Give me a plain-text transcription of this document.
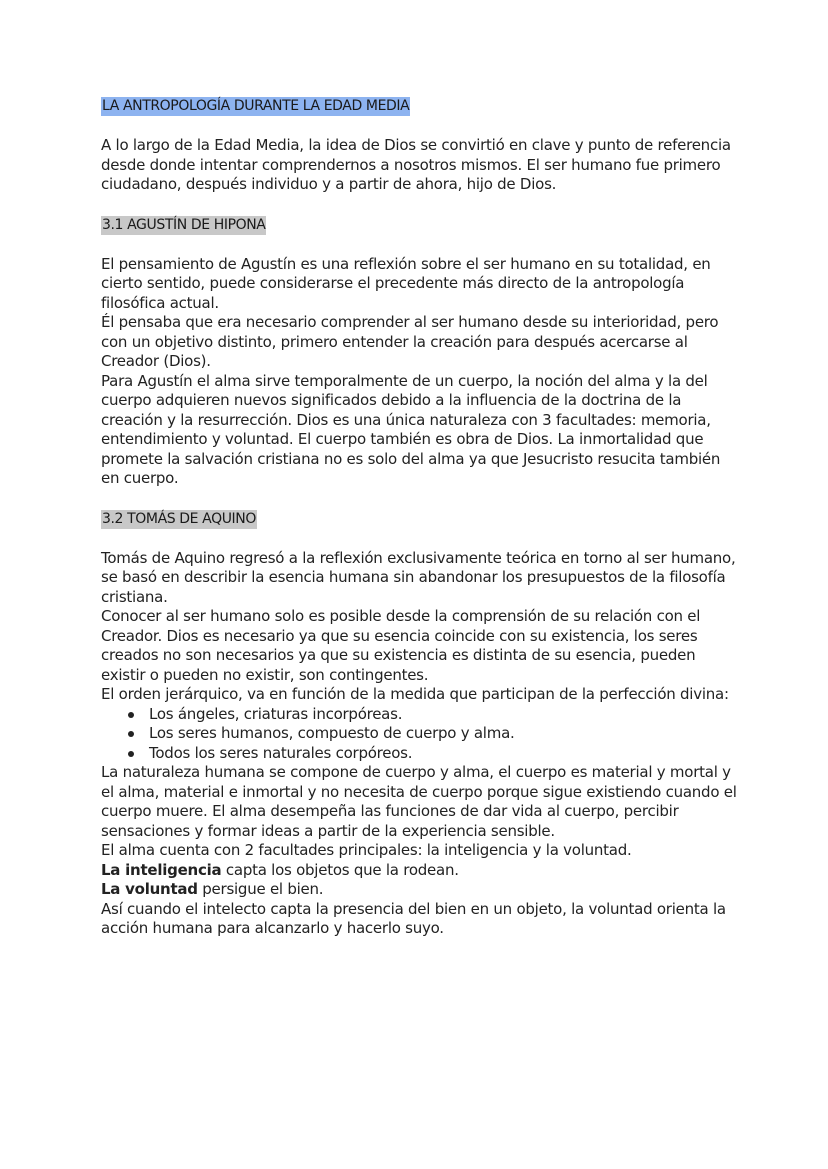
LA ANTROPOLOGÍA DURANTE LA EDAD MEDIA

A lo largo de la Edad Media, la idea de Dios se convirtió en clave y punto de referencia desde donde intentar comprendernos a nosotros mismos. El ser humano fue primero ciudadano, después individuo y a partir de ahora, hijo de Dios.

3.1 AGUSTÍN DE HIPONA

El pensamiento de Agustín es una reflexión sobre el ser humano en su totalidad, en cierto sentido, puede considerarse el precedente más directo de la antropología filosófica actual.

Él pensaba que era necesario comprender al ser humano desde su interioridad, pero con un objetivo distinto, primero entender la creación para después acercarse al Creador (Dios).

Para Agustín el alma sirve temporalmente de un cuerpo, la noción del alma y la del cuerpo adquieren nuevos significados debido a la influencia de la doctrina de la creación y la resurrección. Dios es una única naturaleza con 3 facultades: memoria, entendimiento y voluntad. El cuerpo también es obra de Dios. La inmortalidad que promete la salvación cristiana no es solo del alma ya que Jesucristo resucita también en cuerpo.

3.2 TOMÁS DE AQUINO

Tomás de Aquino regresó a la reflexión exclusivamente teórica en torno al ser humano, se basó en describir la esencia humana sin abandonar los presupuestos de la filosofía cristiana.

Conocer al ser humano solo es posible desde la comprensión de su relación con el Creador. Dios es necesario ya que su esencia coincide con su existencia, los seres creados no son necesarios ya que su existencia es distinta de su esencia, pueden existir o pueden no existir, son contingentes.

El orden jerárquico, va en función de la medida que participan de la perfección divina:

Los ángeles, criaturas incorpóreas.
Los seres humanos, compuesto de cuerpo y alma.
Todos los seres naturales corpóreos.

La naturaleza humana se compone de cuerpo y alma, el cuerpo es material y mortal y el alma, material e inmortal y no necesita de cuerpo porque sigue existiendo cuando el cuerpo muere. El alma desempeña las funciones de dar vida al cuerpo, percibir sensaciones y formar ideas a partir de la experiencia sensible.

El alma cuenta con 2 facultades principales: la inteligencia y la voluntad.

La inteligencia capta los objetos que la rodean.

La voluntad persigue el bien.

Así cuando el intelecto capta la presencia del bien en un objeto, la voluntad orienta la acción humana para alcanzarlo y hacerlo suyo.
